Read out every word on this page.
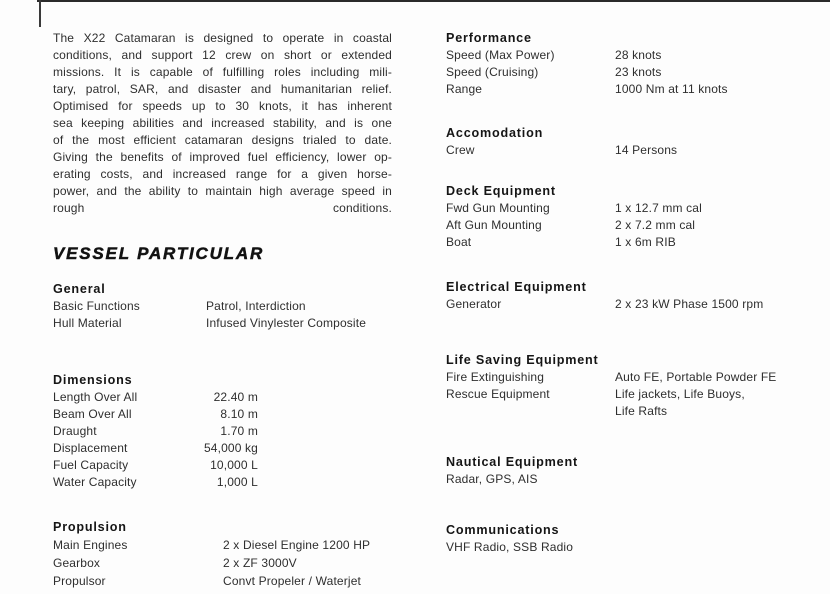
The X22 Catamaran is designed to operate in coastal
conditions, and support 12 crew on short or extended
missions. It is capable of fulfilling roles including mili-
tary, patrol, SAR, and disaster and humanitarian relief.
Optimised for speeds up to 30 knots, it has inherent
sea keeping abilities and increased stability, and is one
of the most efficient catamaran designs trialed to date.
Giving the benefits of improved fuel efficiency, lower op-
erating costs, and increased range for a given horse-
power, and the ability to maintain high average speed in
rough conditions.
VESSEL PARTICULAR
General
Basic Functions	Patrol, Interdiction
Hull Material	Infused Vinylester Composite
Dimensions
Length Over All	22.40 m
Beam Over All	8.10 m
Draught	1.70 m
Displacement	54,000 kg
Fuel Capacity	10,000 L
Water Capacity	1,000 L
Propulsion
Main Engines	2 x Diesel Engine 1200 HP
Gearbox	2 x ZF 3000V
Propulsor	Convt Propeler / Waterjet
Performance
Speed (Max Power)	28 knots
Speed (Cruising)	23 knots
Range	1000 Nm at 11 knots
Accomodation
Crew	14 Persons
Deck Equipment
Fwd Gun Mounting	1 x 12.7 mm cal
Aft Gun Mounting	2 x 7.2 mm cal
Boat	1 x 6m RIB
Electrical Equipment
Generator	2 x 23 kW Phase 1500 rpm
Life Saving Equipment
Fire Extinguishing	Auto FE, Portable Powder FE
Rescue Equipment	Life jackets, Life Buoys,
Life Rafts
Nautical Equipment
Radar, GPS, AIS
Communications
VHF Radio, SSB Radio
